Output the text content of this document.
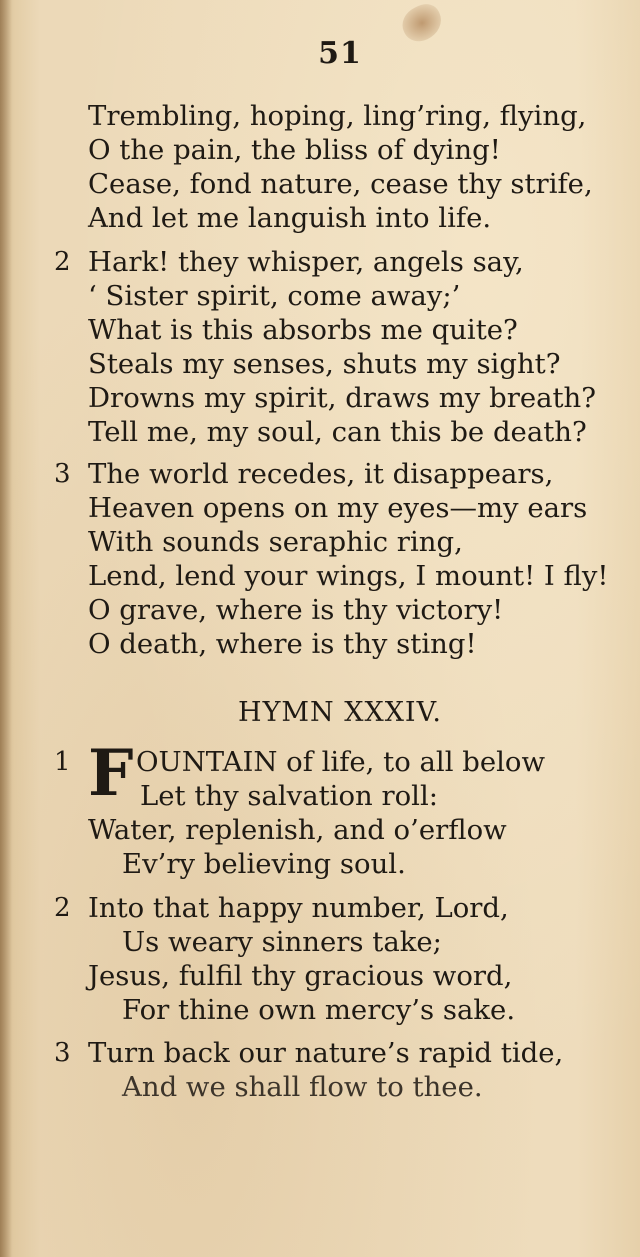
51
Trembling, hoping, ling’ring, flying,
O the pain, the bliss of dying!
Cease, fond nature, cease thy strife,
And let me languish into life.
2 Hark! they whisper, angels say,
‘ Sister spirit, come away;’
What is this absorbs me quite?
Steals my senses, shuts my sight?
Drowns my spirit, draws my breath?
Tell me, my soul, can this be death?
3 The world recedes, it disappears,
Heaven opens on my eyes—my ears
With sounds seraphic ring,
Lend, lend your wings, I mount! I fly!
O grave, where is thy victory!
O death, where is thy sting!
HYMN XXXIV.
1 F OUNTAIN of life, to all below
Let thy salvation roll:
Water, replenish, and o’erflow
Ev’ry believing soul.
2 Into that happy number, Lord,
Us weary sinners take;
Jesus, fulfil thy gracious word,
For thine own mercy’s sake.
3 Turn back our nature’s rapid tide,
And we shall flow to thee.
